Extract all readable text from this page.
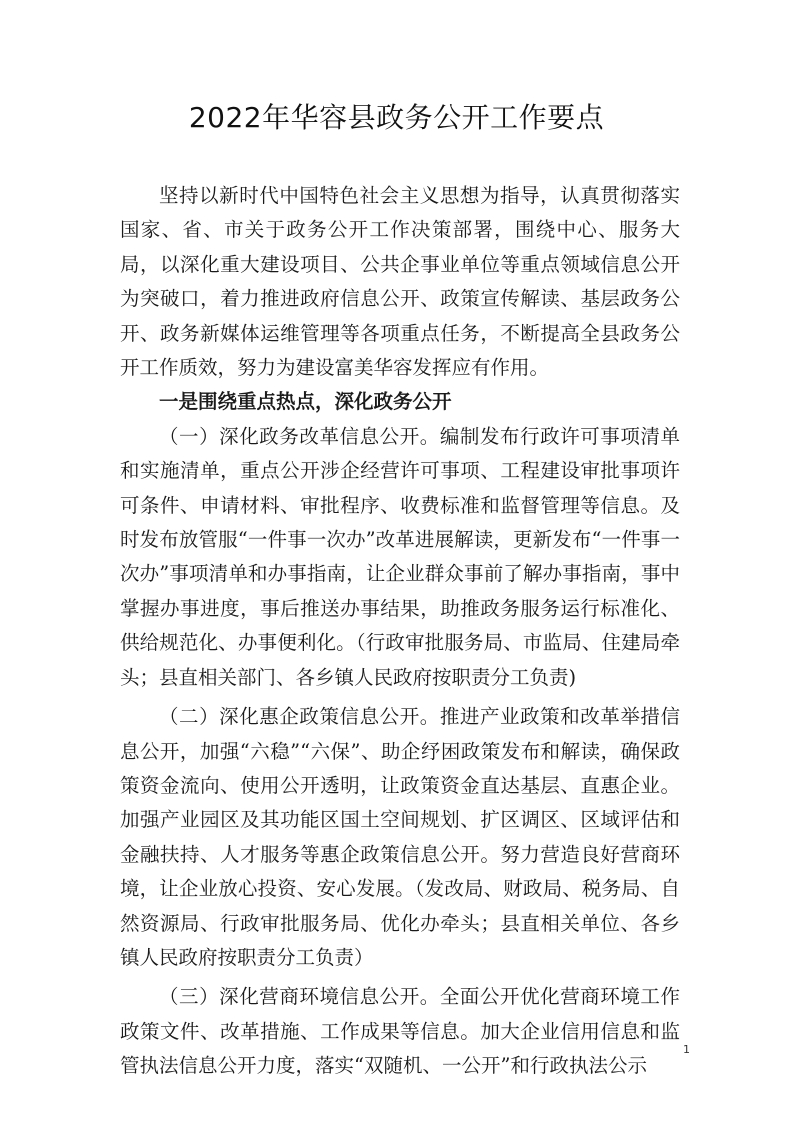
2022年华容县政务公开工作要点

坚持以新时代中国特色社会主义思想为指导，认真贯彻落实国家、省、市关于政务公开工作决策部署，围绕中心、服务大局，以深化重大建设项目、公共企事业单位等重点领域信息公开为突破口，着力推进政府信息公开、政策宣传解读、基层政务公开、政务新媒体运维管理等各项重点任务，不断提高全县政务公开工作质效，努力为建设富美华容发挥应有作用。

一是围绕重点热点，深化政务公开

（一）深化政务改革信息公开。编制发布行政许可事项清单和实施清单，重点公开涉企经营许可事项、工程建设审批事项许可条件、申请材料、审批程序、收费标准和监督管理等信息。及时发布放管服“一件事一次办”改革进展解读，更新发布“一件事一次办”事项清单和办事指南，让企业群众事前了解办事指南，事中掌握办事进度，事后推送办事结果，助推政务服务运行标准化、供给规范化、办事便利化。（行政审批服务局、市监局、住建局牵头；县直相关部门、各乡镇人民政府按职责分工负责)

（二）深化惠企政策信息公开。推进产业政策和改革举措信息公开，加强“六稳”“六保”、助企纾困政策发布和解读，确保政策资金流向、使用公开透明，让政策资金直达基层、直惠企业。加强产业园区及其功能区国土空间规划、扩区调区、区域评估和金融扶持、人才服务等惠企政策信息公开。努力营造良好营商环境，让企业放心投资、安心发展。（发改局、财政局、税务局、自然资源局、行政审批服务局、优化办牵头；县直相关单位、各乡镇人民政府按职责分工负责）

（三）深化营商环境信息公开。全面公开优化营商环境工作政策文件、改革措施、工作成果等信息。加大企业信用信息和监管执法信息公开力度，落实“双随机、一公开”和行政执法公示

1
